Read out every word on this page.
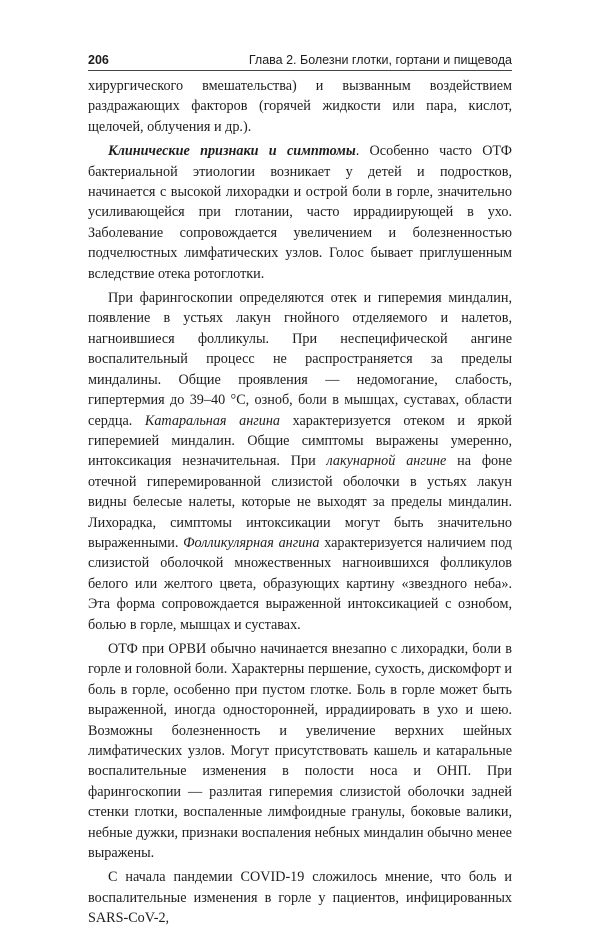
206	Глава 2. Болезни глотки, гортани и пищевода

хирургического вмешательства) и вызванным воздействием раздражающих факторов (горячей жидкости или пара, кислот, щелочей, облучения и др.).

Клинические признаки и симптомы. Особенно часто ОТФ бактериальной этиологии возникает у детей и подростков, начинается с высокой лихорадки и острой боли в горле, значительно усиливающейся при глотании, часто иррадиирующей в ухо. Заболевание сопровождается увеличением и болезненностью подчелюстных лимфатических узлов. Голос бывает приглушенным вследствие отека ротоглотки.

При фарингоскопии определяются отек и гиперемия миндалин, появление в устьях лакун гнойного отделяемого и налетов, нагноившиеся фолликулы. При неспецифической ангине воспалительный процесс не распространяется за пределы миндалины. Общие проявления — недомогание, слабость, гипертермия до 39–40 °С, озноб, боли в мышцах, суставах, области сердца. Катаральная ангина характеризуется отеком и яркой гиперемией миндалин. Общие симптомы выражены умеренно, интоксикация незначительная. При лакунарной ангине на фоне отечной гиперемированной слизистой оболочки в устьях лакун видны белесые налеты, которые не выходят за пределы миндалин. Лихорадка, симптомы интоксикации могут быть значительно выраженными. Фолликулярная ангина характеризуется наличием под слизистой оболочкой множественных нагноившихся фолликулов белого или желтого цвета, образующих картину «звездного неба». Эта форма сопровождается выраженной интоксикацией с ознобом, болью в горле, мышцах и суставах.

ОТФ при ОРВИ обычно начинается внезапно с лихорадки, боли в горле и головной боли. Характерны першение, сухость, дискомфорт и боль в горле, особенно при пустом глотке. Боль в горле может быть выраженной, иногда односторонней, иррадиировать в ухо и шею. Возможны болезненность и увеличение верхних шейных лимфатических узлов. Могут присутствовать кашель и катаральные воспалительные изменения в полости носа и ОНП. При фарингоскопии — разлитая гиперемия слизистой оболочки задней стенки глотки, воспаленные лимфоидные гранулы, боковые валики, небные дужки, признаки воспаления небных миндалин обычно менее выражены.

С начала пандемии COVID-19 сложилось мнение, что боль и воспалительные изменения в горле у пациентов, инфицированных SARS-CoV-2,
